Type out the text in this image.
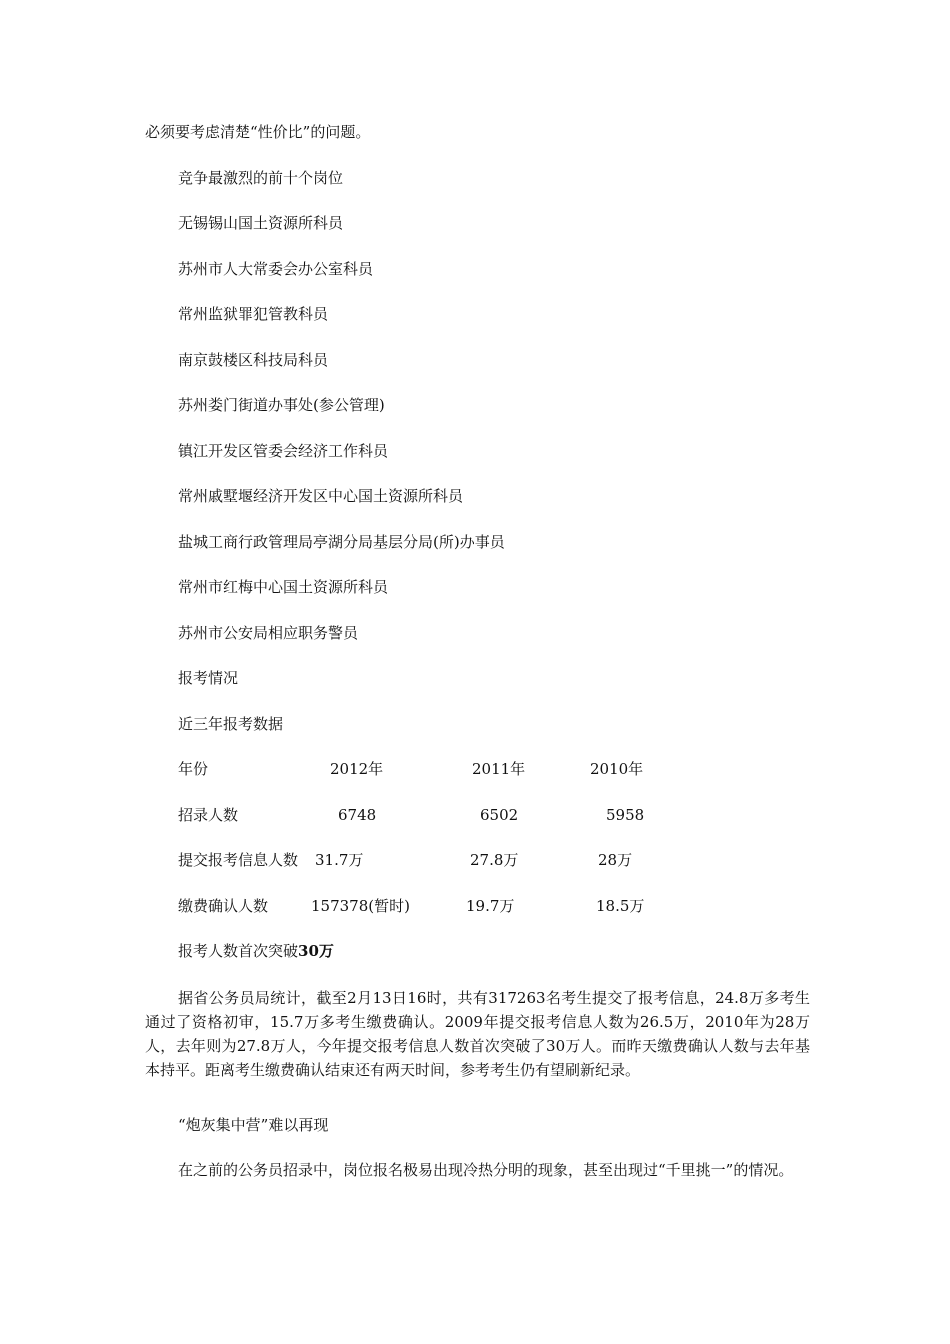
必须要考虑清楚“性价比”的问题。
竞争最激烈的前十个岗位
无锡锡山国土资源所科员
苏州市人大常委会办公室科员
常州监狱罪犯管教科员
南京鼓楼区科技局科员
苏州娄门街道办事处(参公管理)
镇江开发区管委会经济工作科员
常州戚墅堰经济开发区中心国土资源所科员
盐城工商行政管理局亭湖分局基层分局(所)办事员
常州市红梅中心国土资源所科员
苏州市公安局相应职务警员
报考情况
近三年报考数据
年份	2012年	2011年	2010年
招录人数	6748	6502	5958
提交报考信息人数 31.7万	27.8万	28万
缴费确认人数	157378(暂时)	19.7万	18.5万
报考人数首次突破30万
据省公务员局统计，截至2月13日16时，共有317263名考生提交了报考信息，24.8万多考生通过了资格初审，15.7万多考生缴费确认。2009年提交报考信息人数为26.5万，2010年为28万人，去年则为27.8万人，今年提交报考信息人数首次突破了30万人。而昨天缴费确认人数与去年基本持平。距离考生缴费确认结束还有两天时间，参考考生仍有望刷新纪录。
“炮灰集中营”难以再现
在之前的公务员招录中，岗位报名极易出现冷热分明的现象，甚至出现过“千里挑一”的情况。
